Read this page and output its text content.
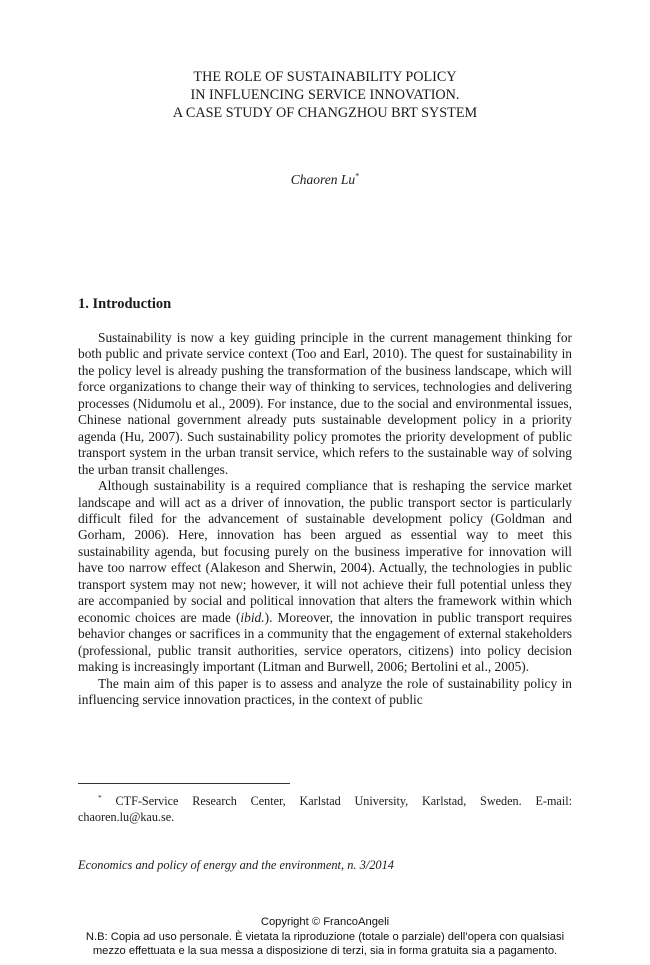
THE ROLE OF SUSTAINABILITY POLICY
IN INFLUENCING SERVICE INNOVATION.
A CASE STUDY OF CHANGZHOU BRT SYSTEM
Chaoren Lu*
1. Introduction

Sustainability is now a key guiding principle in the current management thinking for both public and private service context (Too and Earl, 2010). The quest for sustainability in the policy level is already pushing the transformation of the business landscape, which will force organizations to change their way of thinking to services, technologies and delivering processes (Nidumolu et al., 2009). For instance, due to the social and environmental issues, Chinese national government already puts sustainable development policy in a priority agenda (Hu, 2007). Such sustainability policy promotes the priority development of public transport system in the urban transit service, which refers to the sustainable way of solving the urban transit challenges.

Although sustainability is a required compliance that is reshaping the service market landscape and will act as a driver of innovation, the public transport sector is particularly difficult filed for the advancement of sustainable development policy (Goldman and Gorham, 2006). Here, innovation has been argued as essential way to meet this sustainability agenda, but focusing purely on the business imperative for innovation will have too narrow effect (Alakeson and Sherwin, 2004). Actually, the technologies in public transport system may not new; however, it will not achieve their full potential unless they are accompanied by social and political innovation that alters the framework within which economic choices are made (ibid.). Moreover, the innovation in public transport requires behavior changes or sacrifices in a community that the engagement of external stakeholders (professional, public transit authorities, service operators, citizens) into policy decision making is increasingly important (Litman and Burwell, 2006; Bertolini et al., 2005).

The main aim of this paper is to assess and analyze the role of sustainability policy in influencing service innovation practices, in the context of public

* CTF-Service Research Center, Karlstad University, Karlstad, Sweden. E-mail: chaoren.lu@kau.se.
Economics and policy of energy and the environment, n. 3/2014
Copyright © FrancoAngeli
N.B: Copia ad uso personale. È vietata la riproduzione (totale o parziale) dell’opera con qualsiasi
mezzo effettuata e la sua messa a disposizione di terzi, sia in forma gratuita sia a pagamento.
